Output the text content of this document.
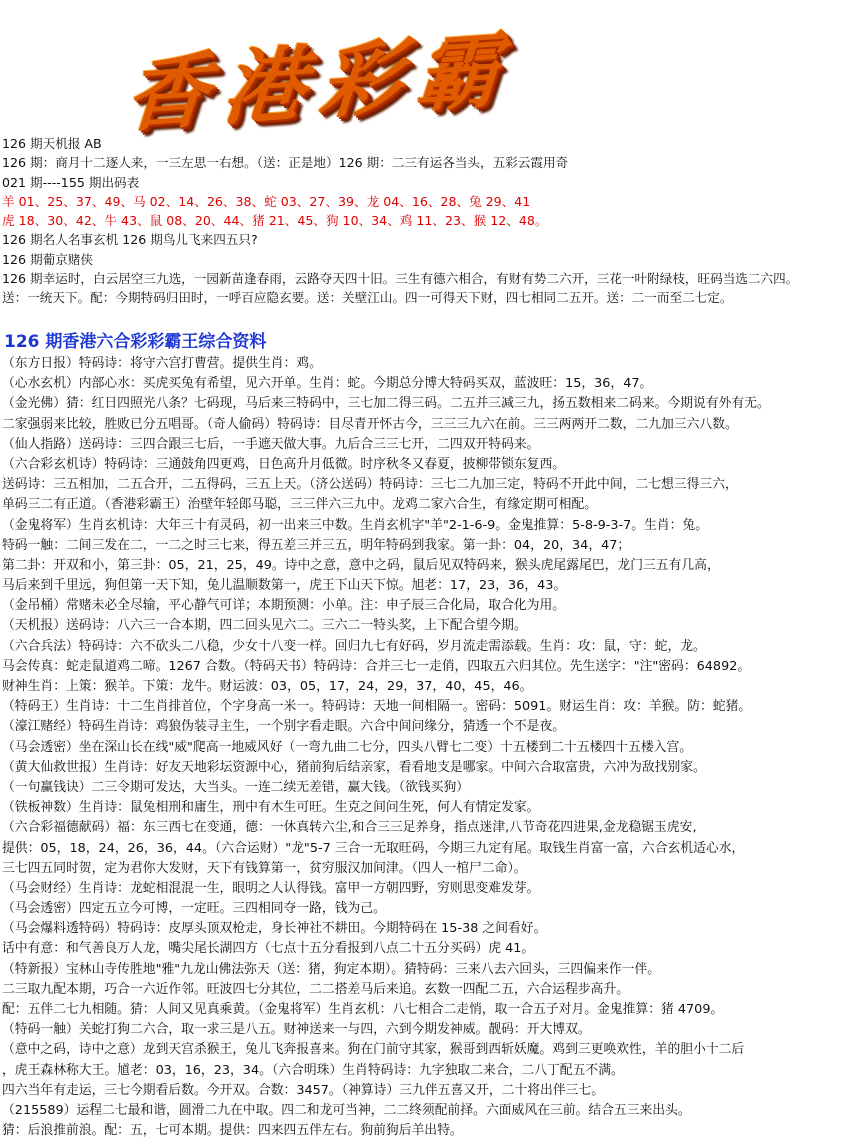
香港彩霸
126 期天机报 AB
126 期：商月十二逐人来，一三左思一右想。（送：正是地）126 期：二三有运各当头，五彩云霞用奇
021 期----155 期出码表
羊 01、25、37、49、马 02、14、26、38、蛇 03、27、39、龙 04、16、28、兔 29、41
虎 18、30、42、牛 43、鼠 08、20、44、猪 21、45、狗 10、34、鸡 11、23、猴 12、48。
126 期名人名事玄机 126 期鸟儿飞来四五只?
126 期葡京赌侠
126 期幸运时，白云居空三九选，一园新苗逢春雨，云路夺天四十旧。三生有德六相合，有财有势二六开，三花一叶附绿枝，旺码当选二六四。
送：一统天下。配：今期特码归田时，一呼百应隐玄要。送：关壁江山。四一可得天下财，四七相同二五开。送：二一而至二七定。
126 期香港六合彩彩霸王综合资料
（东方日报）特码诗：将守六宫打曹营。提供生肖：鸡。
（心水玄机）内部心水：买虎买兔有希望，见六开单。生肖：蛇。今期总分博大特码买双，蓝波旺：15，36，47。
（金光佛）猜：红日四照光八条？七码现，马后来三特码中，三七加二得三码。二五并三减三九，扬五数相来二码来。今期说有外有无。
二家强弱来比较，胜败已分五唱哥。（奇人偷码）特码诗：目尽青开怀古今，三三三九六在前。三三两两开二数，二九加三六八数。
（仙人指路）送码诗：三四合跟三七后，一手遮天做大事。九后合三三七开，二四双开特码来。
（六合彩玄机诗）特码诗：三通鼓角四更鸡，日色高升月低微。时序秋冬又春夏，披柳带锁东复西。
送码诗：三五相加，二五合开，二五得码，三五上天。（济公送码）特码诗：三七二九加三定，特码不开此中间，二七想三得三六，
单码三二有正道。（香港彩霸王）治壁年轻郎马聪，三三伴六三九中。龙鸡二家六合生，有缘定期可相配。
（金鬼将军）生肖玄机诗：大年三十有灵码，初一出来三中数。生肖玄机字"羊"2-1-6-9。金鬼推算：5-8-9-3-7。生肖：兔。
特码一触：二间三发在二，一二之时三七来，得五差三并三五，明年特码到我家。第一卦：04，20，34，47；
第二卦：开双和小，第三卦：05，21，25，49。诗中之意，意中之码，鼠后见双特码来，猴头虎尾露尾巴，龙门三五有几高，
马后来到千里远，狗但第一天下知，兔儿温顺数第一，虎王下山天下惊。旭老：17，23，36，43。
（金吊桶）常赌未必全尽输，平心静气可详；本期预测：小单。注：申子辰三合化局，取合化为用。
（天机报）送码诗：八六三一合本期，四二回头见六二。三六二一特头奖，上下配合望今期。
（六合兵法）特码诗：六不砍头二八稳，少女十八变一样。回归九七有好码，岁月流走需添载。生肖：攻：鼠，守：蛇，龙。
马会传真：蛇走鼠道鸡二啼。1267 合数。（特码天书）特码诗：合并三七一走俏，四取五六归其位。先生送字："注"密码：64892。
财神生肖：上策：猴羊。下策：龙牛。财运波：03，05，17，24，29，37，40，45，46。
（特码王）生肖诗：十二生肖排首位，个字身高一米一。特码诗：天地一间相隔一。密码：5091。财运生肖：攻：羊猴。防：蛇猪。
（濠江赌经）特码生肖诗：鸡狼伪装寻主生，一个别字看走眼。六合中间问缘分，猜透一个不是夜。
（马会透密）坐在深山长在线"威"爬高一地威风好（一弯九曲二七分，四头八臂七二变）十五楼到二十五楼四十五楼入宫。
（黄大仙救世报）生肖诗：好友天地彩坛资源中心，猪前狗后结亲家，看看地支是哪家。中间六合取富贵，六冲为敌找别家。
（一句赢钱诀）二三令期可发达，大当头。一连二续无差错，赢大钱。（欲钱买狗）
（铁板神数）生肖诗：鼠兔相刑和庸生，刑中有木生可旺。生克之间问生死，何人有情定发家。
（六合彩福德献码）福：东三西七在变通，德：一休真转六尘,和合三三足养身，指点迷津,八节奇花四进果,金龙稳锯玉虎安,
提供：05，18，24，26，36，44。（六合运财）"龙"5-7 三合一无取旺码，今期三九定有尾。取钱生肖富一富，六合玄机适心水，
三七四五同时贺，定为君你大发财，天下有钱算第一，贫穷服汉加间津。（四人一棺尸二命）。
（马会财经）生肖诗：龙蛇相混混一生，眼明之人认得钱。富甲一方朝四野，穷则思变难发芽。
（马会透密）四定五立今可博，一定旺。三四相同夺一路，钱为己。
（马会爆料透特码）特码诗：皮厚头顶双枪走，身长神社不耕田。今期特码在 15-38 之间看好。
话中有意：和气善良万人龙，嘴尖尾长湖四方（七点十五分看报到八点二十五分买码）虎 41。
（特新报）宝林山寺传胜地"雅"九龙山佛法弥天（送：猪，狗定本期）。猜特码：三来八去六回头，三四偏来作一伴。
二三取九配本期，巧合一六近作邻。旺波四七分其位，二二搭差马后来追。玄数一四配二五，六合运程步高升。
配：五伴二七九相随。猜：人间又见真乘黄。（金鬼将军）生肖玄机：八七相合二走悄，取一合五子对月。金鬼推算：猪 4709。
（特码一触）关蛇打狗二六合，取一求三是八五。财神送来一与四，六到今期发神威。靓码：开大博双。
（意中之码，诗中之意）龙到天宫杀猴王，兔儿飞奔报喜来。狗在门前守其家，猴哥到西斩妖魔。鸡到三更唤欢性，羊的胆小十二后
，虎王森林称大王。馗老：03，16，23，34。（六合明珠）生肖特码诗：九字独取二来合，二八丁配五不满。
四六当年有走运，三七今期看后数。今开双。合数：3457。（神算诗）三九伴五喜又开，二十将出伴三七。
（215589）运程二七最和谐，圆滑二九在中取。四二和龙可当神，二二终须配前择。六面威风在三前。结合五三来出头。
猜：后浪推前浪。配：五，七可本期。提供：四来四五伴左右。狗前狗后羊出特。
